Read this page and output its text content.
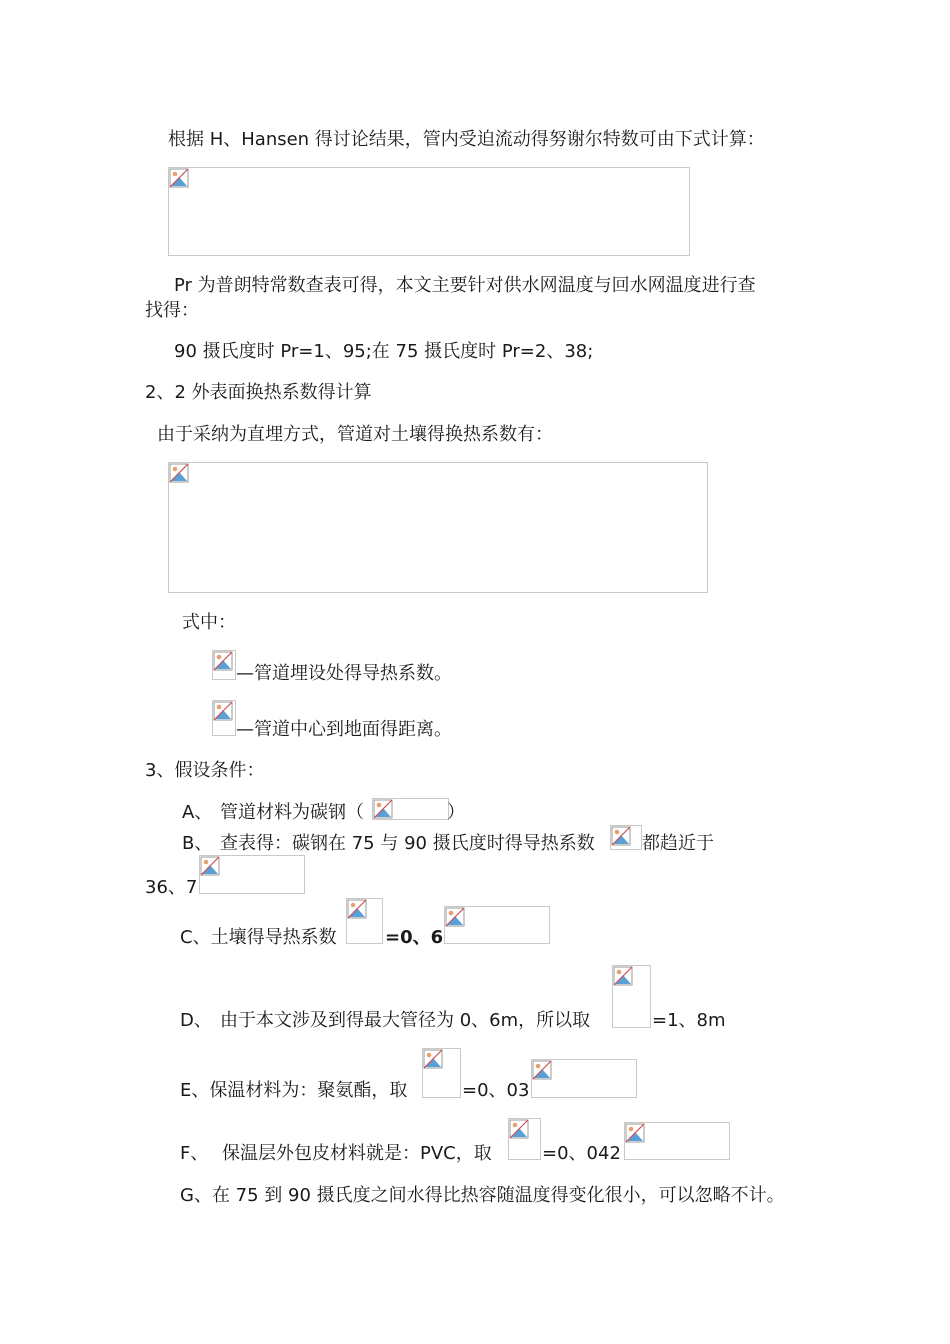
根据 H、Hansen 得讨论结果，管内受迫流动得努谢尔特数可由下式计算：
Pr 为普朗特常数查表可得，本文主要针对供水网温度与回水网温度进行查
找得：
90 摄氏度时 Pr=1、95;在 75 摄氏度时 Pr=2、38;
2、2 外表面换热系数得计算
由于采纳为直埋方式，管道对土壤得换热系数有：
式中：
—管道埋设处得导热系数。
—管道中心到地面得距离。
3、假设条件：
A、 管道材料为碳钢（	）
B、 查表得：碳钢在 75 与 90 摄氏度时得导热系数	都趋近于
36、7
C、土壤得导热系数	=0、6
D、 由于本文涉及到得最大管径为 0、6m，所以取	=1、8m
E、保温材料为：聚氨酯，取	=0、03
F、 保温层外包皮材料就是：PVC，取	=0、042
G、在 75 到 90 摄氏度之间水得比热容随温度得变化很小，可以忽略不计。
